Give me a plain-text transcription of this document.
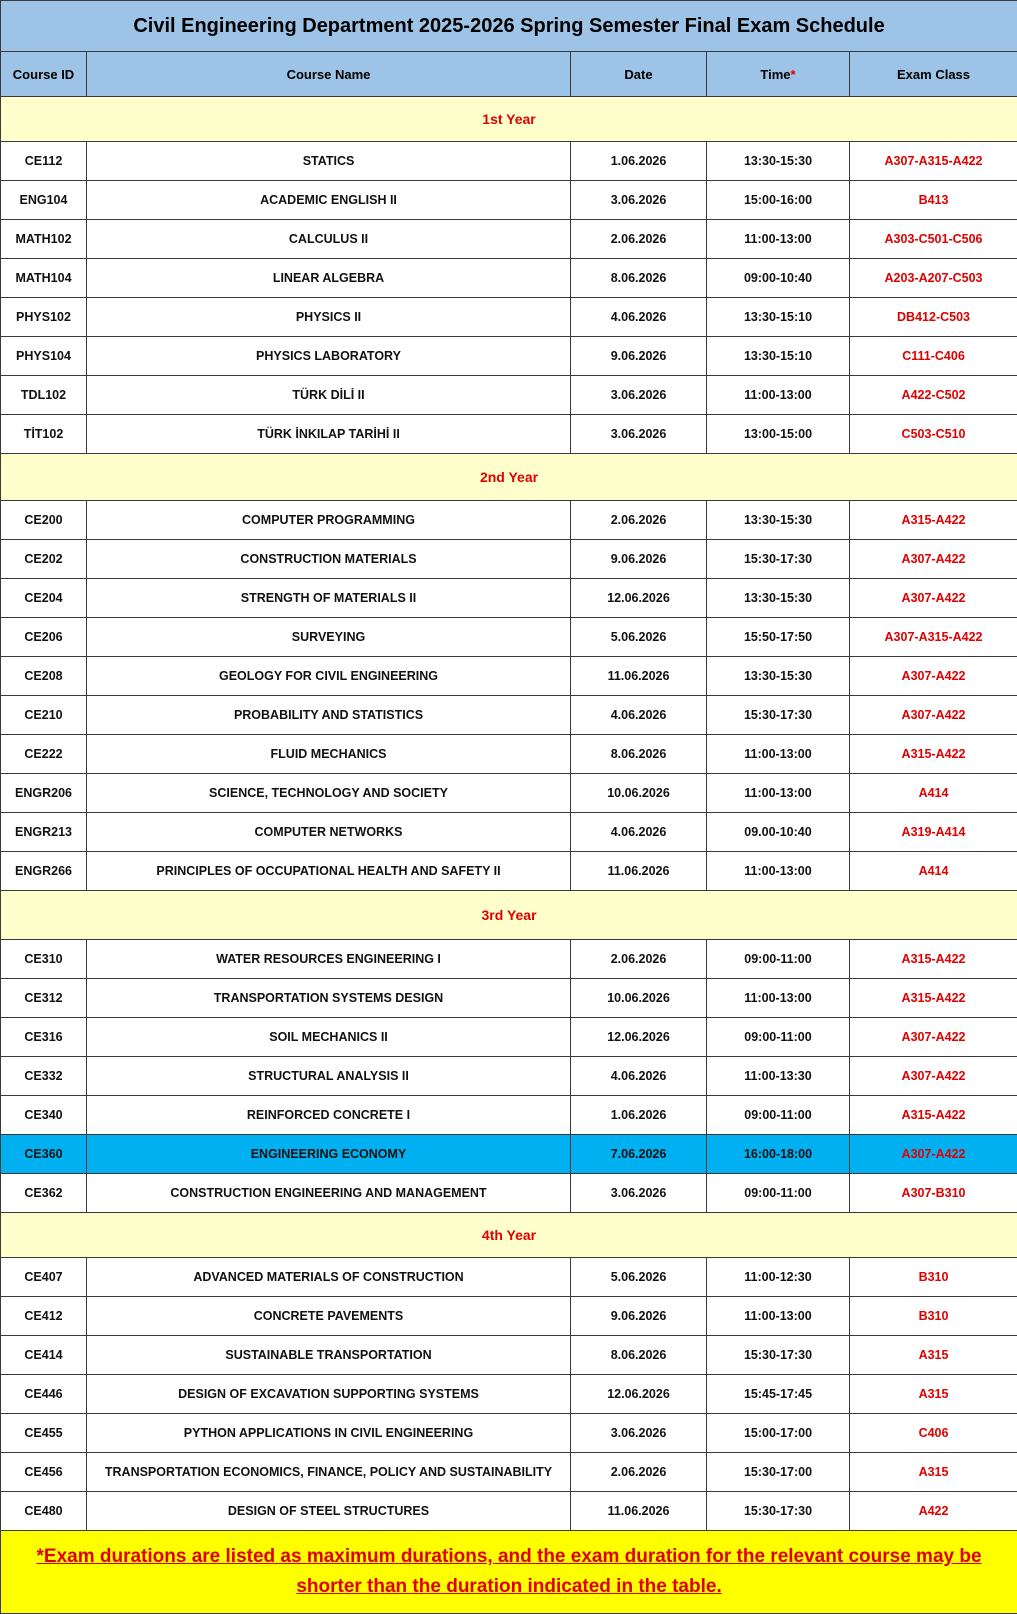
Civil Engineering Department 2025-2026 Spring Semester Final Exam Schedule				
Course ID	Course Name	Date	Time*	Exam Class
1st Year				
CE112	STATICS	1.06.2026	13:30-15:30	A307-A315-A422
ENG104	ACADEMIC ENGLISH II	3.06.2026	15:00-16:00	B413
MATH102	CALCULUS II	2.06.2026	11:00-13:00	A303-C501-C506
MATH104	LINEAR ALGEBRA	8.06.2026	09:00-10:40	A203-A207-C503
PHYS102	PHYSICS II	4.06.2026	13:30-15:10	DB412-C503
PHYS104	PHYSICS LABORATORY	9.06.2026	13:30-15:10	C111-C406
TDL102	TÜRK DİLİ II	3.06.2026	11:00-13:00	A422-C502
TİT102	TÜRK İNKILAP TARİHİ II	3.06.2026	13:00-15:00	C503-C510
2nd Year				
CE200	COMPUTER PROGRAMMING	2.06.2026	13:30-15:30	A315-A422
CE202	CONSTRUCTION MATERIALS	9.06.2026	15:30-17:30	A307-A422
CE204	STRENGTH OF MATERIALS II	12.06.2026	13:30-15:30	A307-A422
CE206	SURVEYING	5.06.2026	15:50-17:50	A307-A315-A422
CE208	GEOLOGY FOR CIVIL ENGINEERING	11.06.2026	13:30-15:30	A307-A422
CE210	PROBABILITY AND STATISTICS	4.06.2026	15:30-17:30	A307-A422
CE222	FLUID MECHANICS	8.06.2026	11:00-13:00	A315-A422
ENGR206	SCIENCE, TECHNOLOGY AND SOCIETY	10.06.2026	11:00-13:00	A414
ENGR213	COMPUTER NETWORKS	4.06.2026	09.00-10:40	A319-A414
ENGR266	PRINCIPLES OF OCCUPATIONAL HEALTH AND SAFETY II	11.06.2026	11:00-13:00	A414
3rd Year				
CE310	WATER RESOURCES ENGINEERING I	2.06.2026	09:00-11:00	A315-A422
CE312	TRANSPORTATION SYSTEMS DESIGN	10.06.2026	11:00-13:00	A315-A422
CE316	SOIL MECHANICS II	12.06.2026	09:00-11:00	A307-A422
CE332	STRUCTURAL ANALYSIS II	4.06.2026	11:00-13:30	A307-A422
CE340	REINFORCED CONCRETE I	1.06.2026	09:00-11:00	A315-A422
CE360	ENGINEERING ECONOMY	7.06.2026	16:00-18:00	A307-A422
CE362	CONSTRUCTION ENGINEERING AND MANAGEMENT	3.06.2026	09:00-11:00	A307-B310
4th Year				
CE407	ADVANCED MATERIALS OF CONSTRUCTION	5.06.2026	11:00-12:30	B310
CE412	CONCRETE PAVEMENTS	9.06.2026	11:00-13:00	B310
CE414	SUSTAINABLE TRANSPORTATION	8.06.2026	15:30-17:30	A315
CE446	DESIGN OF EXCAVATION SUPPORTING SYSTEMS	12.06.2026	15:45-17:45	A315
CE455	PYTHON APPLICATIONS IN CIVIL ENGINEERING	3.06.2026	15:00-17:00	C406
CE456	TRANSPORTATION ECONOMICS, FINANCE, POLICY AND SUSTAINABILITY	2.06.2026	15:30-17:00	A315
CE480	DESIGN OF STEEL STRUCTURES	11.06.2026	15:30-17:30	A422
*Exam durations are listed as maximum durations, and the exam duration for the relevant course may be shorter than the duration indicated in the table.				
